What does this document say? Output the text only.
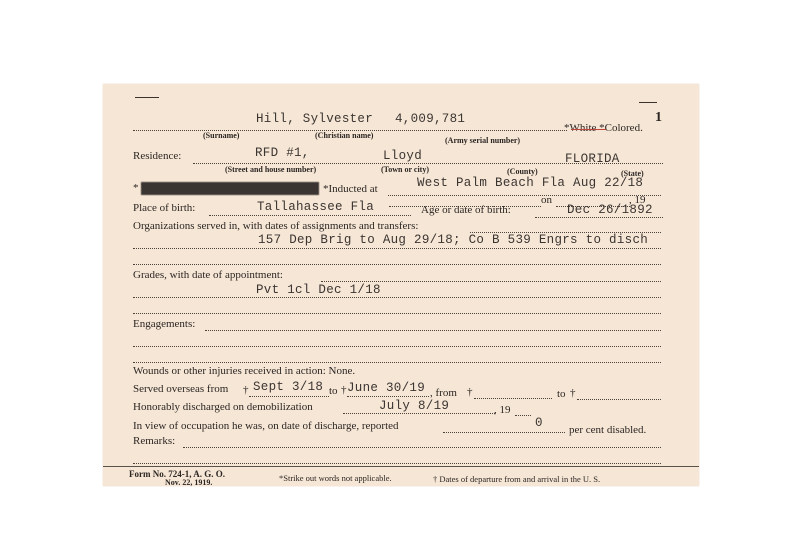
1
Hill, Sylvester 4,009,781
*White *Colored.
(Surname)	(Christian name)
(Army serial number)
Residence:	RFD #1,	Lloyd	FLORIDA
(Street and house number)	(Town or city)	(County)	(State)
*	*Inducted at	West Palm Beach Fla Aug 22/18
on	, 19
Place of birth:	Tallahassee Fla	Age or date of birth:	Dec 26/1892
Organizations served in, with dates of assignments and transfers:
157 Dep Brig to Aug 29/18; Co B 539 Engrs to disch
Grades, with date of appointment:
Pvt 1cl Dec 1/18
Engagements:
Wounds or other injuries received in action: None.
Served overseas from † Sept 3/18 to † June 30/19 , from †	to †
Honorably discharged on demobilization	July 8/19	, 19
In view of occupation he was, on date of discharge, reported	0 per cent disabled.
Remarks:
Form No. 724-1, A. G. O.
Nov. 22, 1919.	*Strike out words not applicable.	† Dates of departure from and arrival in the U. S.
